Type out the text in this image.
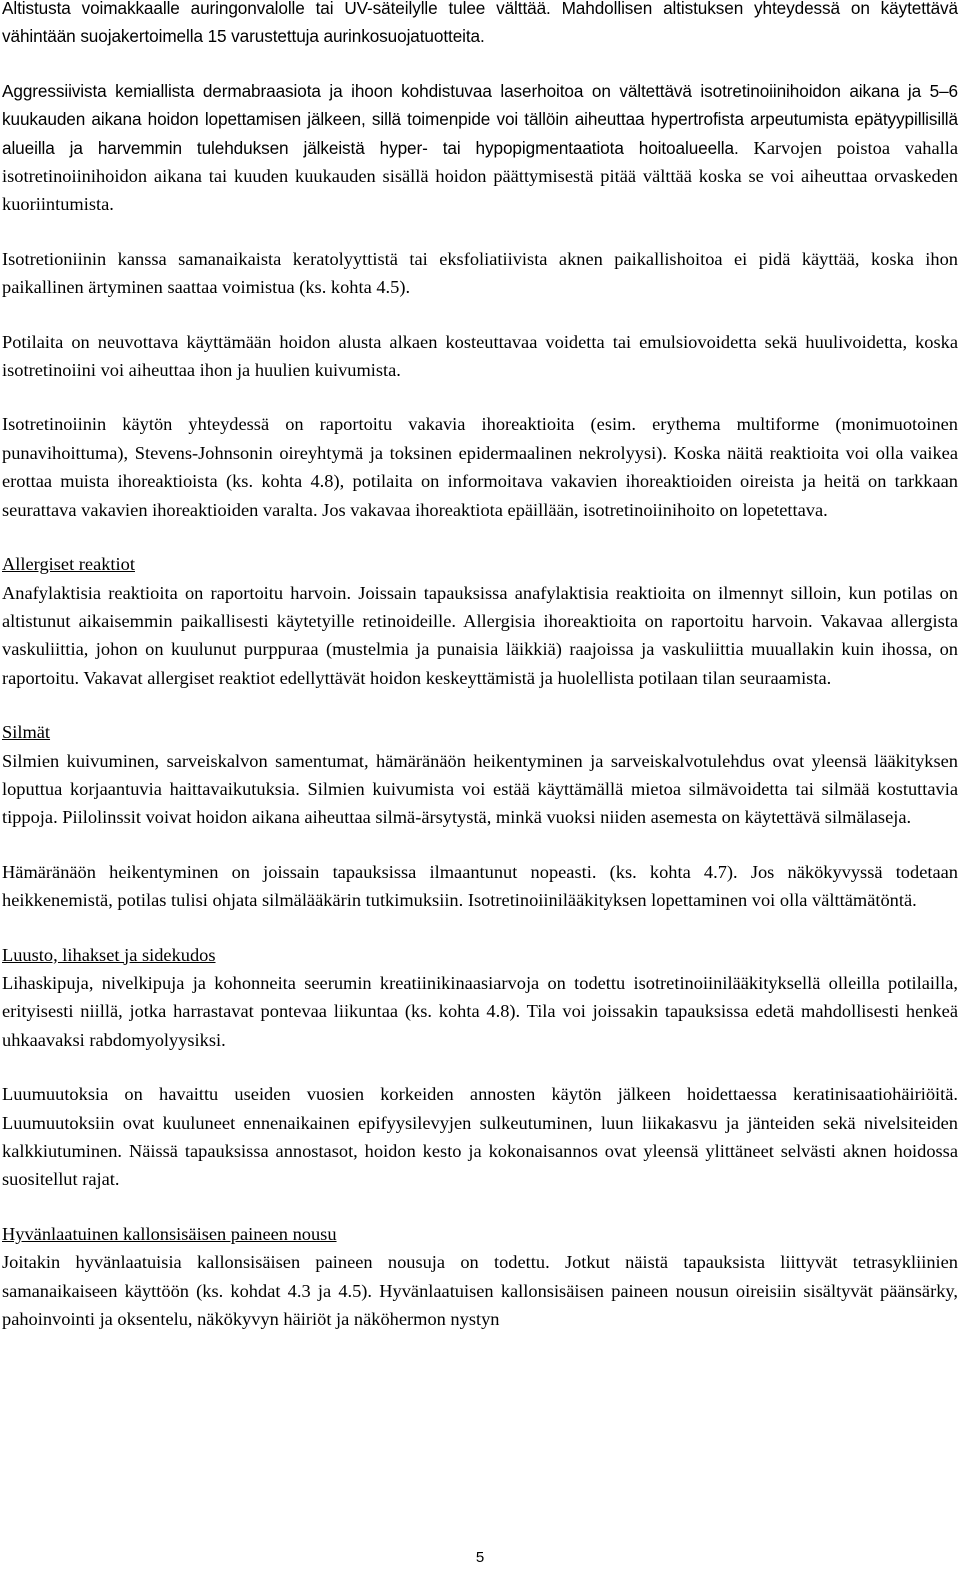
Altistusta voimakkaalle auringonvalolle tai UV-säteilylle tulee välttää. Mahdollisen altistuksen yhteydessä on käytettävä vähintään suojakertoimella 15 varustettuja aurinkosuojatuotteita.

Aggressiivista kemiallista dermabraasiota ja ihoon kohdistuvaa laserhoitoa on vältettävä isotretinoiinihoidon aikana ja 5–6 kuukauden aikana hoidon lopettamisen jälkeen, sillä toimenpide voi tällöin aiheuttaa hypertrofista arpeutumista epätyypillisillä alueilla ja harvemmin tulehduksen jälkeistä hyper- tai hypopigmentaatiota hoitoalueella. Karvojen poistoa vahalla isotretinoiinihoidon aikana tai kuuden kuukauden sisällä hoidon päättymisestä pitää välttää koska se voi aiheuttaa orvaskeden kuoriintumista.

Isotretioniinin kanssa samanaikaista keratolyyttistä tai eksfoliatiivista aknen paikallishoitoa ei pidä käyttää, koska ihon paikallinen ärtyminen saattaa voimistua (ks. kohta 4.5).

Potilaita on neuvottava käyttämään hoidon alusta alkaen kosteuttavaa voidetta tai emulsiovoidetta sekä huulivoidetta, koska isotretinoiini voi aiheuttaa ihon ja huulien kuivumista.

Isotretinoiinin käytön yhteydessä on raportoitu vakavia ihoreaktioita (esim. erythema multiforme (monimuotoinen punavihoittuma), Stevens-Johnsonin oireyhtymä ja toksinen epidermaalinen nekrolyysi). Koska näitä reaktioita voi olla vaikea erottaa muista ihoreaktioista (ks. kohta 4.8), potilaita on informoitava vakavien ihoreaktioiden oireista ja heitä on tarkkaan seurattava vakavien ihoreaktioiden varalta. Jos vakavaa ihoreaktiota epäillään, isotretinoiinihoito on lopetettava.

Allergiset reaktiot

Anafylaktisia reaktioita on raportoitu harvoin. Joissain tapauksissa anafylaktisia reaktioita on ilmennyt silloin, kun potilas on altistunut aikaisemmin paikallisesti käytetyille retinoideille. Allergisia ihoreaktioita on raportoitu harvoin. Vakavaa allergista vaskuliittia, johon on kuulunut purppuraa (mustelmia ja punaisia läikkiä) raajoissa ja vaskuliittia muuallakin kuin ihossa, on raportoitu. Vakavat allergiset reaktiot edellyttävät hoidon keskeyttämistä ja huolellista potilaan tilan seuraamista.

Silmät

Silmien kuivuminen, sarveiskalvon samentumat, hämäränäön heikentyminen ja sarveiskalvotulehdus ovat yleensä lääkityksen loputtua korjaantuvia haittavaikutuksia. Silmien kuivumista voi estää käyttämällä mietoa silmävoidetta tai silmää kostuttavia tippoja. Piilolinssit voivat hoidon aikana aiheuttaa silmä-ärsytystä, minkä vuoksi niiden asemesta on käytettävä silmälaseja.

Hämäränäön heikentyminen on joissain tapauksissa ilmaantunut nopeasti. (ks. kohta 4.7). Jos näkökyvyssä todetaan heikkenemistä, potilas tulisi ohjata silmälääkärin tutkimuksiin. Isotretinoiinilääkityksen lopettaminen voi olla välttämätöntä.

Luusto, lihakset ja sidekudos

Lihaskipuja, nivelkipuja ja kohonneita seerumin kreatiinikinaasiarvoja on todettu isotretinoiinilääkityksellä olleilla potilailla, erityisesti niillä, jotka harrastavat pontevaa liikuntaa (ks. kohta 4.8). Tila voi joissakin tapauksissa edetä mahdollisesti henkeä uhkaavaksi rabdomyolyysiksi.

Luumuutoksia on havaittu useiden vuosien korkeiden annosten käytön jälkeen hoidettaessa keratinisaatiohäiriöitä. Luumuutoksiin ovat kuuluneet ennenaikainen epifyysilevyjen sulkeutuminen, luun liikakasvu ja jänteiden sekä nivelsiteiden kalkkiutuminen. Näissä tapauksissa annostasot, hoidon kesto ja kokonaisannos ovat yleensä ylittäneet selvästi aknen hoidossa suositellut rajat.

Hyvänlaatuinen kallonsisäisen paineen nousu

Joitakin hyvänlaatuisia kallonsisäisen paineen nousuja on todettu. Jotkut näistä tapauksista liittyvät tetrasykliinien samanaikaiseen käyttöön (ks. kohdat 4.3 ja 4.5). Hyvänlaatuisen kallonsisäisen paineen nousun oireisiin sisältyvät päänsärky, pahoinvointi ja oksentelu, näkökyvyn häiriöt ja näköhermon nystyn

5
